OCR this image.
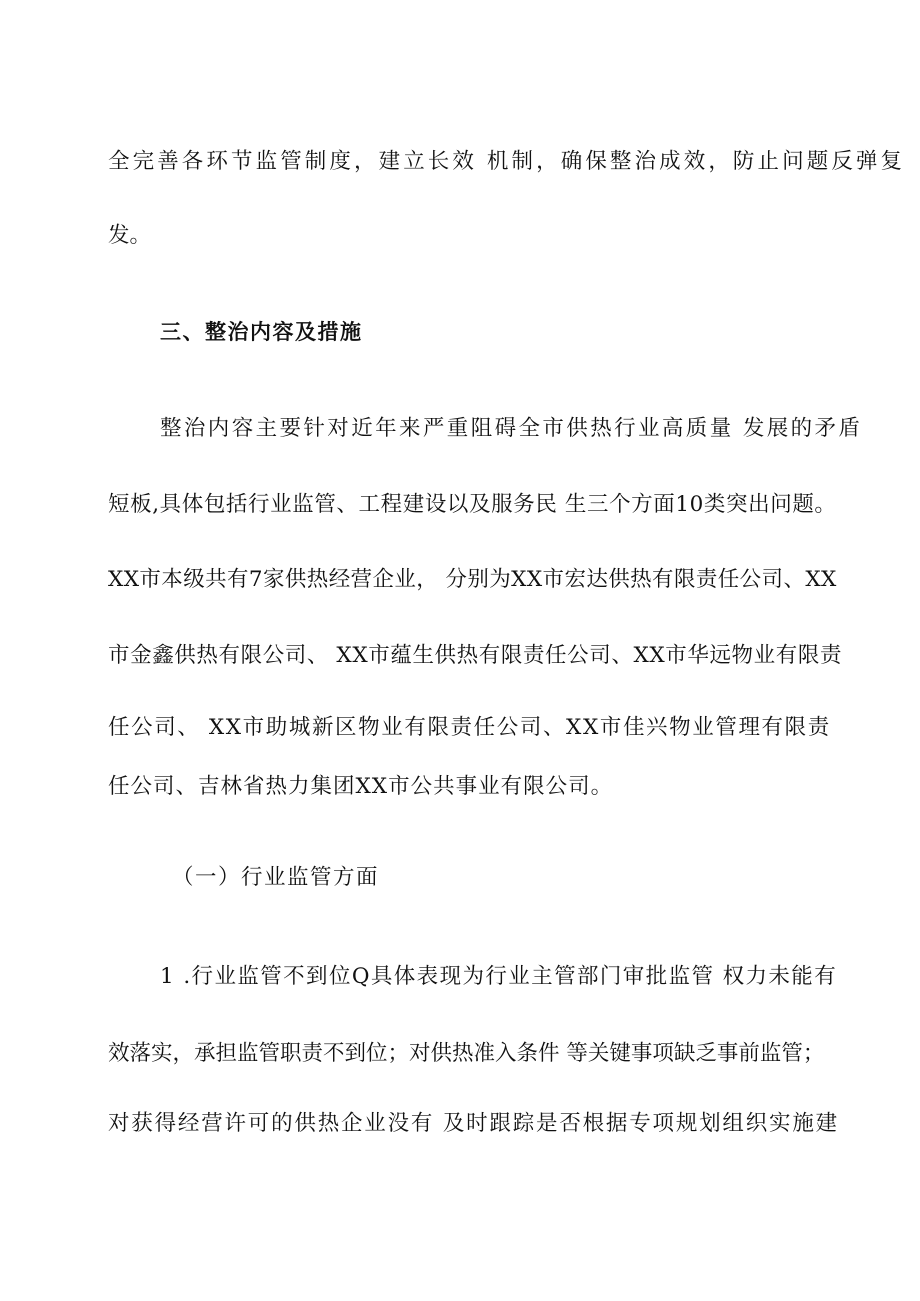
全完善各环节监管制度，建立长效 机制，确保整治成效，防止问题反弹复
发。
三、整治内容及措施
整治内容主要针对近年来严重阻碍全市供热行业高质量 发展的矛盾
短板,具体包括行业监管、工程建设以及服务民 生三个方面10类突出问题。
XX市本级共有7家供热经营企业， 分别为XX市宏达供热有限责任公司、XX
市金鑫供热有限公司、 XX市蕴生供热有限责任公司、XX市华远物业有限责
任公司、 XX市助城新区物业有限责任公司、XX市佳兴物业管理有限责
任公司、吉林省热力集团XX市公共事业有限公司。
（一）行业监管方面
1 .行业监管不到位Q具体表现为行业主管部门审批监管 权力未能有
效落实，承担监管职责不到位；对供热准入条件 等关键事项缺乏事前监管；
对获得经营许可的供热企业没有 及时跟踪是否根据专项规划组织实施建
